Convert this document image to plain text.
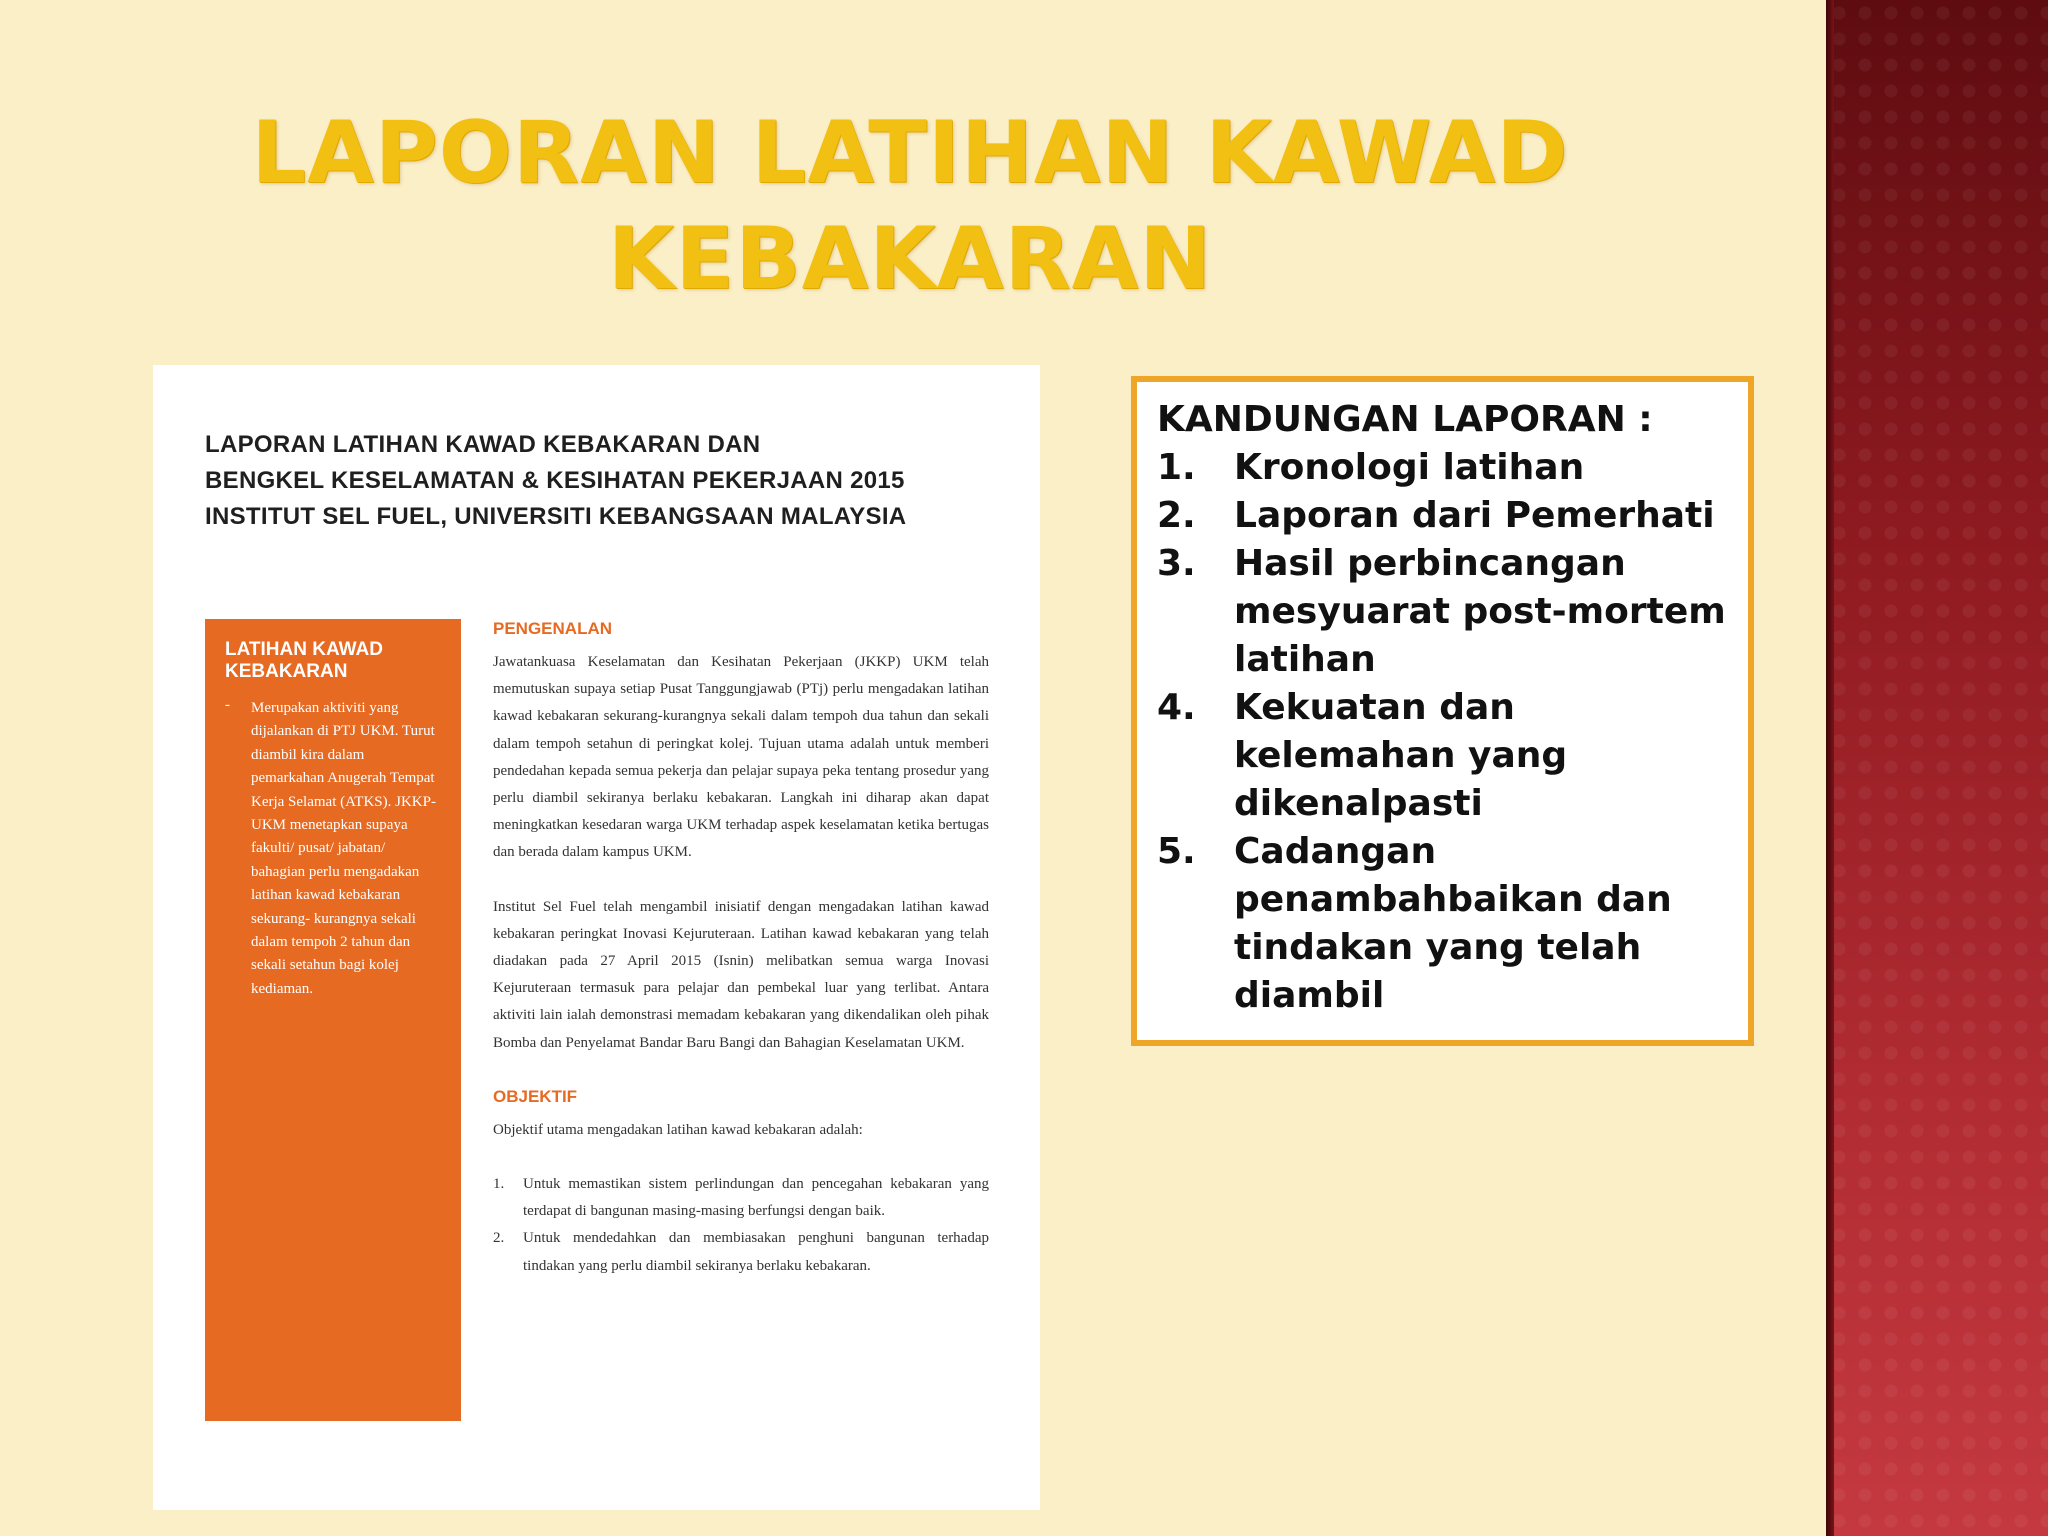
LAPORAN LATIHAN KAWAD
KEBAKARAN
LAPORAN LATIHAN KAWAD KEBAKARAN DAN
BENGKEL KESELAMATAN & KESIHATAN PEKERJAAN 2015
INSTITUT SEL FUEL, UNIVERSITI KEBANGSAAN MALAYSIA
LATIHAN KAWAD KEBAKARAN
-	Merupakan aktiviti yang dijalankan di PTJ UKM. Turut diambil kira dalam pemarkahan Anugerah Tempat Kerja Selamat (ATKS). JKKP-UKM menetapkan supaya fakulti/ pusat/ jabatan/ bahagian perlu mengadakan latihan kawad kebakaran sekurang- kurangnya sekali dalam tempoh 2 tahun dan sekali setahun bagi kolej kediaman.
PENGENALAN

Jawatankuasa Keselamatan dan Kesihatan Pekerjaan (JKKP) UKM telah memutuskan supaya setiap Pusat Tanggungjawab (PTj) perlu mengadakan latihan kawad kebakaran sekurang-kurangnya sekali dalam tempoh dua tahun dan sekali dalam tempoh setahun di peringkat kolej. Tujuan utama adalah untuk memberi pendedahan kepada semua pekerja dan pelajar supaya peka tentang prosedur yang perlu diambil sekiranya berlaku kebakaran. Langkah ini diharap akan dapat meningkatkan kesedaran warga UKM terhadap aspek keselamatan ketika bertugas dan berada dalam kampus UKM.

Institut Sel Fuel telah mengambil inisiatif dengan mengadakan latihan kawad kebakaran peringkat Inovasi Kejuruteraan. Latihan kawad kebakaran yang telah diadakan pada 27 April 2015 (Isnin) melibatkan semua warga Inovasi Kejuruteraan termasuk para pelajar dan pembekal luar yang terlibat. Antara aktiviti lain ialah demonstrasi memadam kebakaran yang dikendalikan oleh pihak Bomba dan Penyelamat Bandar Baru Bangi dan Bahagian Keselamatan UKM.

OBJEKTIF

Objektif utama mengadakan latihan kawad kebakaran adalah:

1.	Untuk memastikan sistem perlindungan dan pencegahan kebakaran yang terdapat di bangunan masing-masing berfungsi dengan baik.
2.	Untuk mendedahkan dan membiasakan penghuni bangunan terhadap tindakan yang perlu diambil sekiranya berlaku kebakaran.
KANDUNGAN LAPORAN :
1.	Kronologi latihan
2.	Laporan dari Pemerhati
3.	Hasil perbincangan mesyuarat post-mortem latihan
4.	Kekuatan dan kelemahan yang dikenalpasti
5.	Cadangan penambahbaikan dan tindakan yang telah diambil
